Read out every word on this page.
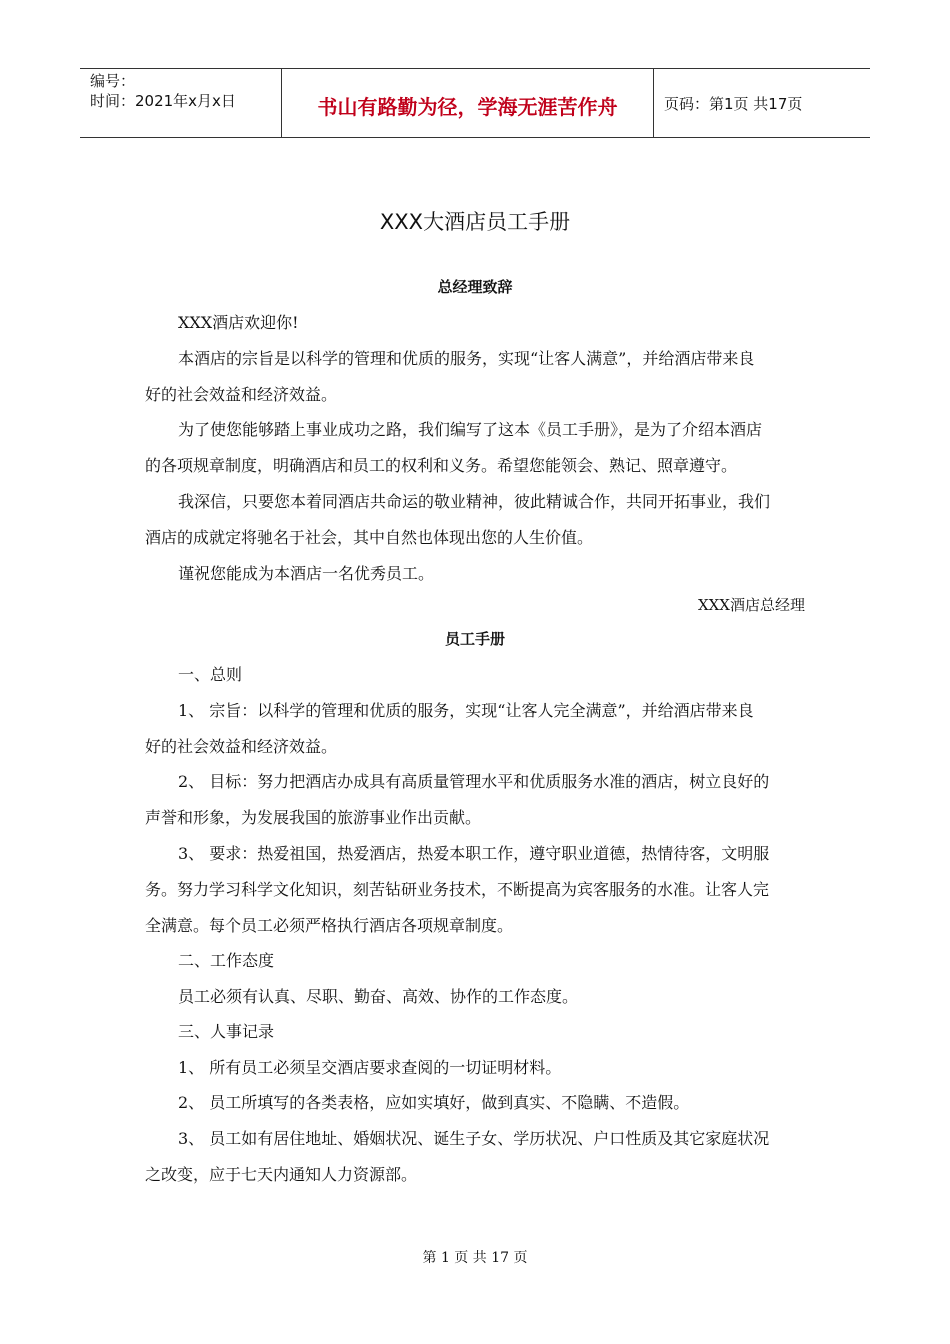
编号：
时间：2021年x月x日	书山有路勤为径，学海无涯苦作舟	页码：第1页 共17页
XXX大酒店员工手册
总经理致辞
XXX酒店欢迎你!
本酒店的宗旨是以科学的管理和优质的服务，实现“让客人满意”，并给酒店带来良
好的社会效益和经济效益。
为了使您能够踏上事业成功之路，我们编写了这本《员工手册》，是为了介绍本酒店
的各项规章制度，明确酒店和员工的权利和义务。希望您能领会、熟记、照章遵守。
我深信，只要您本着同酒店共命运的敬业精神，彼此精诚合作，共同开拓事业，我们
酒店的成就定将驰名于社会，其中自然也体现出您的人生价值。
谨祝您能成为本酒店一名优秀员工。
XXX酒店总经理
员工手册
一、总则
1、 宗旨：以科学的管理和优质的服务，实现“让客人完全满意”，并给酒店带来良
好的社会效益和经济效益。
2、 目标：努力把酒店办成具有高质量管理水平和优质服务水准的酒店，树立良好的
声誉和形象，为发展我国的旅游事业作出贡献。
3、 要求：热爱祖国，热爱酒店，热爱本职工作，遵守职业道德，热情待客，文明服
务。努力学习科学文化知识，刻苦钻研业务技术，不断提高为宾客服务的水准。让客人完
全满意。每个员工必须严格执行酒店各项规章制度。
二、工作态度
员工必须有认真、尽职、勤奋、高效、协作的工作态度。
三、人事记录
1、 所有员工必须呈交酒店要求查阅的一切证明材料。
2、 员工所填写的各类表格，应如实填好，做到真实、不隐瞒、不造假。
3、 员工如有居住地址、婚姻状况、诞生子女、学历状况、户口性质及其它家庭状况
之改变，应于七天内通知人力资源部。
第 1 页 共 17 页
